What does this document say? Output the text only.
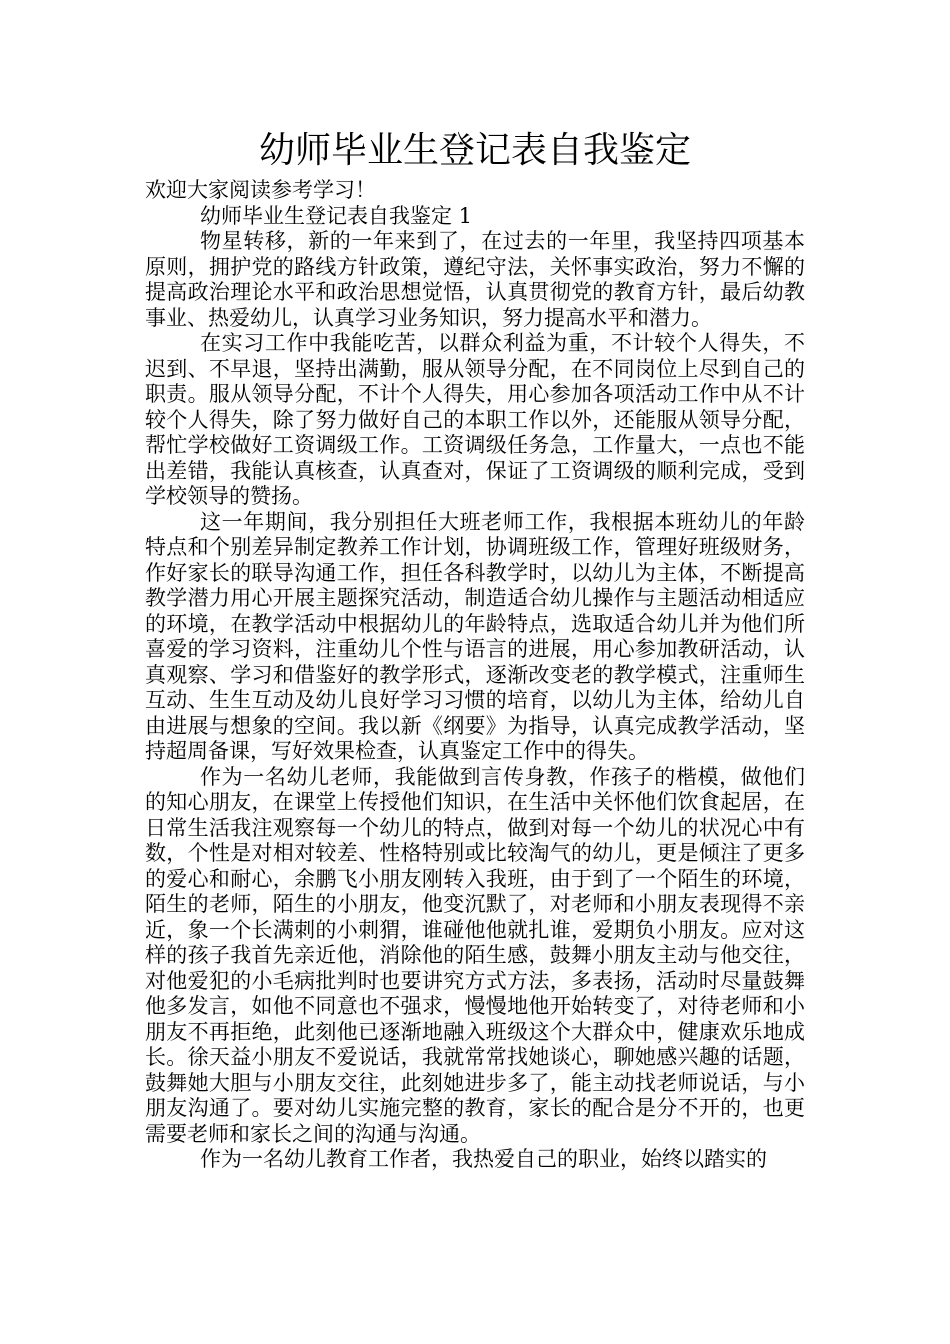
幼师毕业生登记表自我鉴定

欢迎大家阅读参考学习！

幼师毕业生登记表自我鉴定 1

物星转移，新的一年来到了，在过去的一年里，我坚持四项基本原则，拥护党的路线方针政策，遵纪守法，关怀事实政治，努力不懈的提高政治理论水平和政治思想觉悟，认真贯彻党的教育方针，最后幼教事业、热爱幼儿，认真学习业务知识，努力提高水平和潜力。

在实习工作中我能吃苦，以群众利益为重，不计较个人得失，不迟到、不早退，坚持出满勤，服从领导分配，在不同岗位上尽到自己的职责。服从领导分配，不计个人得失，用心参加各项活动工作中从不计较个人得失，除了努力做好自己的本职工作以外，还能服从领导分配，帮忙学校做好工资调级工作。工资调级任务急，工作量大，一点也不能出差错，我能认真核查，认真查对，保证了工资调级的顺利完成，受到学校领导的赞扬。

这一年期间，我分别担任大班老师工作，我根据本班幼儿的年龄特点和个别差异制定教养工作计划，协调班级工作，管理好班级财务，作好家长的联导沟通工作，担任各科教学时，以幼儿为主体，不断提高教学潜力用心开展主题探究活动，制造适合幼儿操作与主题活动相适应的环境，在教学活动中根据幼儿的年龄特点，选取适合幼儿并为他们所喜爱的学习资料，注重幼儿个性与语言的进展，用心参加教研活动，认真观察、学习和借鉴好的教学形式，逐渐改变老的教学模式，注重师生互动、生生互动及幼儿良好学习习惯的培育，以幼儿为主体，给幼儿自由进展与想象的空间。我以新《纲要》为指导，认真完成教学活动，坚持超周备课，写好效果检查，认真鉴定工作中的得失。

作为一名幼儿老师，我能做到言传身教，作孩子的楷模，做他们的知心朋友，在课堂上传授他们知识，在生活中关怀他们饮食起居，在日常生活我注观察每一个幼儿的特点，做到对每一个幼儿的状况心中有数，个性是对相对较差、性格特别或比较淘气的幼儿，更是倾注了更多的爱心和耐心，余鹏飞小朋友刚转入我班，由于到了一个陌生的环境，陌生的老师，陌生的小朋友，他变沉默了，对老师和小朋友表现得不亲近，象一个长满刺的小刺猬，谁碰他他就扎谁，爱期负小朋友。应对这样的孩子我首先亲近他，消除他的陌生感，鼓舞小朋友主动与他交往，对他爱犯的小毛病批判时也要讲究方式方法，多表扬，活动时尽量鼓舞他多发言，如他不同意也不强求，慢慢地他开始转变了，对待老师和小朋友不再拒绝，此刻他已逐渐地融入班级这个大群众中，健康欢乐地成长。徐天益小朋友不爱说话，我就常常找她谈心，聊她感兴趣的话题，鼓舞她大胆与小朋友交往，此刻她进步多了，能主动找老师说话，与小朋友沟通了。要对幼儿实施完整的教育，家长的配合是分不开的，也更需要老师和家长之间的沟通与沟通。

作为一名幼儿教育工作者，我热爱自己的职业，始终以踏实的
